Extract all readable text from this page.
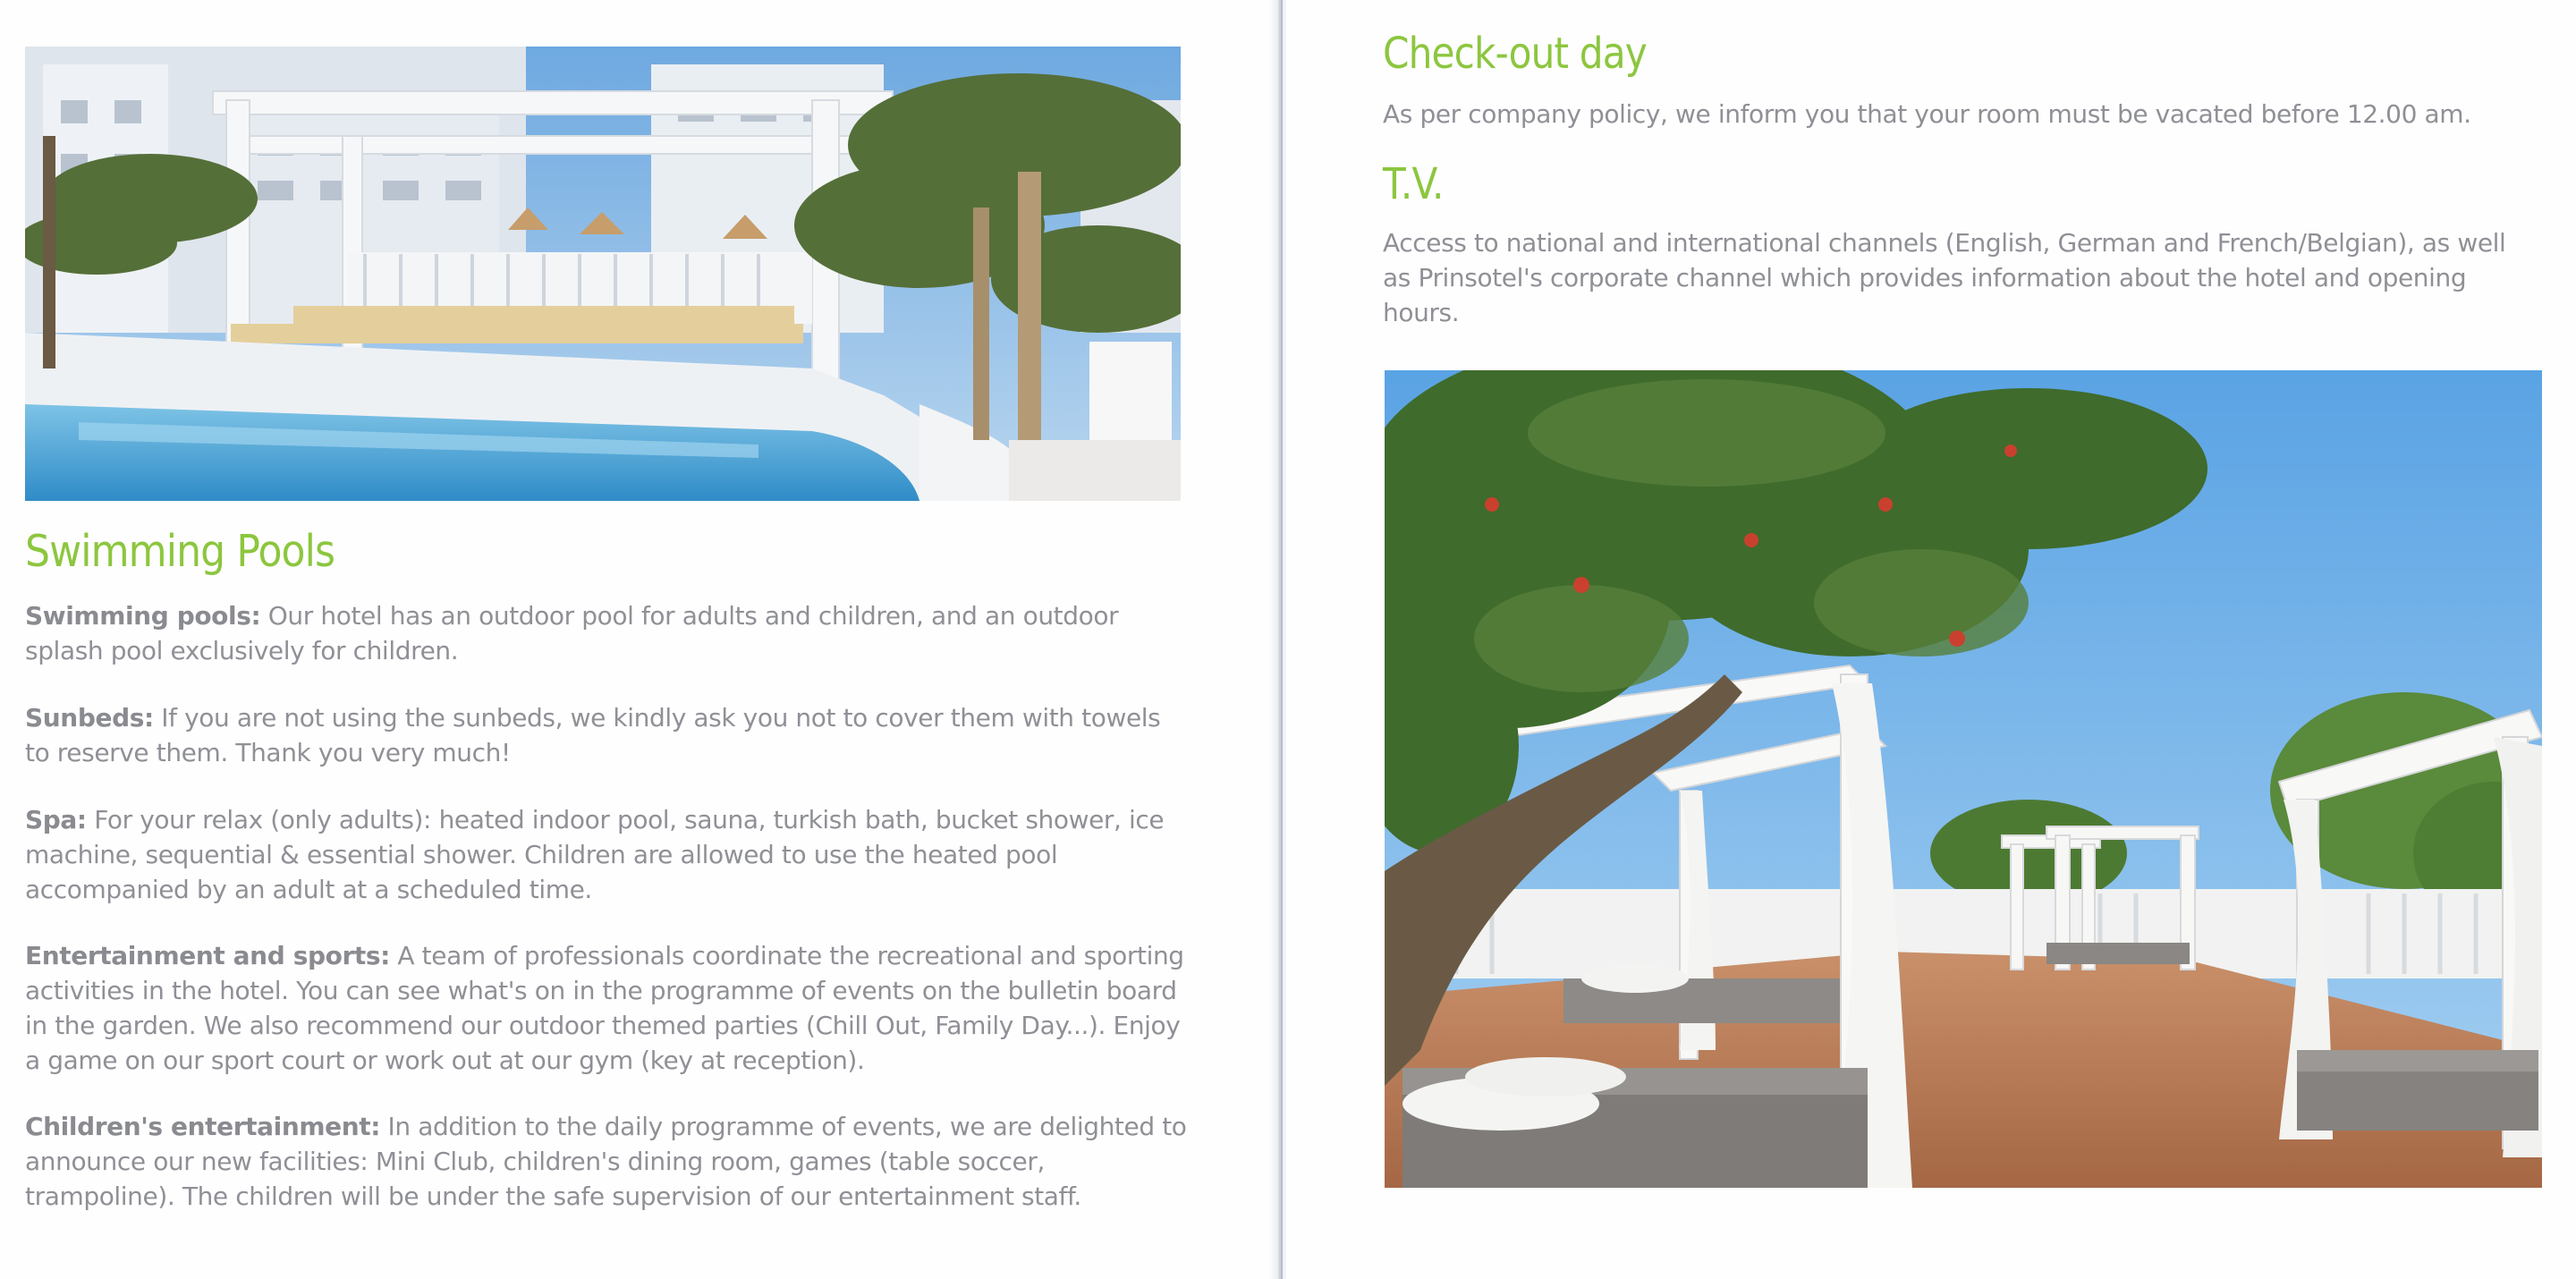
Swimming Pools

Swimming pools: Our hotel has an outdoor pool for adults and children, and an outdoor splash pool exclusively for children.

Sunbeds: If you are not using the sunbeds, we kindly ask you not to cover them with towels to reserve them. Thank you very much!

Spa: For your relax (only adults): heated indoor pool, sauna, turkish bath, bucket shower, ice machine, sequential & essential shower. Children are allowed to use the heated pool accompanied by an adult at a scheduled time.

Entertainment and sports: A team of professionals coordinate the recreational and sporting activities in the hotel. You can see what's on in the programme of events on the bulletin board in the garden. We also recommend our outdoor themed parties (Chill Out, Family Day...). Enjoy a game on our sport court or work out at our gym (key at reception).

Children's entertainment: In addition to the daily programme of events, we are delighted to announce our new facilities: Mini Club, children's dining room, games (table soccer, trampoline). The children will be under the safe supervision of our entertainment staff.

Check-out day

As per company policy, we inform you that your room must be vacated before 12.00 am.

T.V.

Access to national and international channels (English, German and French/Belgian), as well as Prinsotel's corporate channel which provides information about the hotel and opening hours.
